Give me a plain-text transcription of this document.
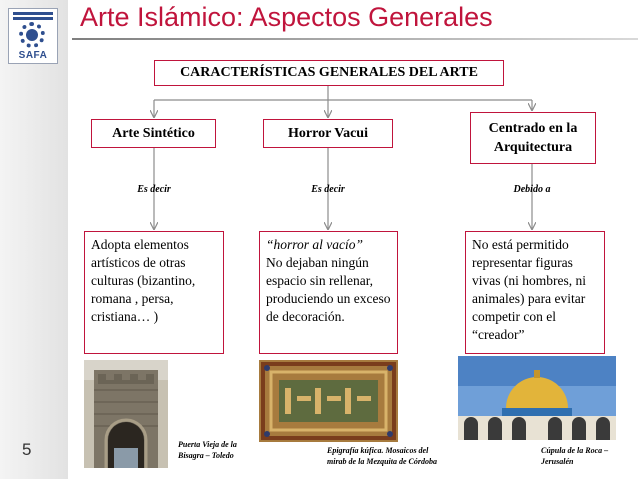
SAFA
5
Arte Islámico: Aspectos Generales
CARACTERÍSTICAS GENERALES DEL ARTE
Arte Sintético	Horror Vacui	Centrado en la Arquitectura
Es decir	Es decir	Debido a
Adopta elementos artísticos de otras culturas (bizantino, romana , persa, cristiana… )
“horror al vacío”
No dejaban ningún espacio sin rellenar, produciendo un exceso de decoración.
No está permitido representar figuras vivas (ni hombres, ni animales) para evitar competir con el “creador”
Puerta Vieja de la Bisagra – Toledo
Epigrafía kúfica. Mosaicos del mirab de la Mezquita de Córdoba
Cúpula de la Roca – Jerusalén
